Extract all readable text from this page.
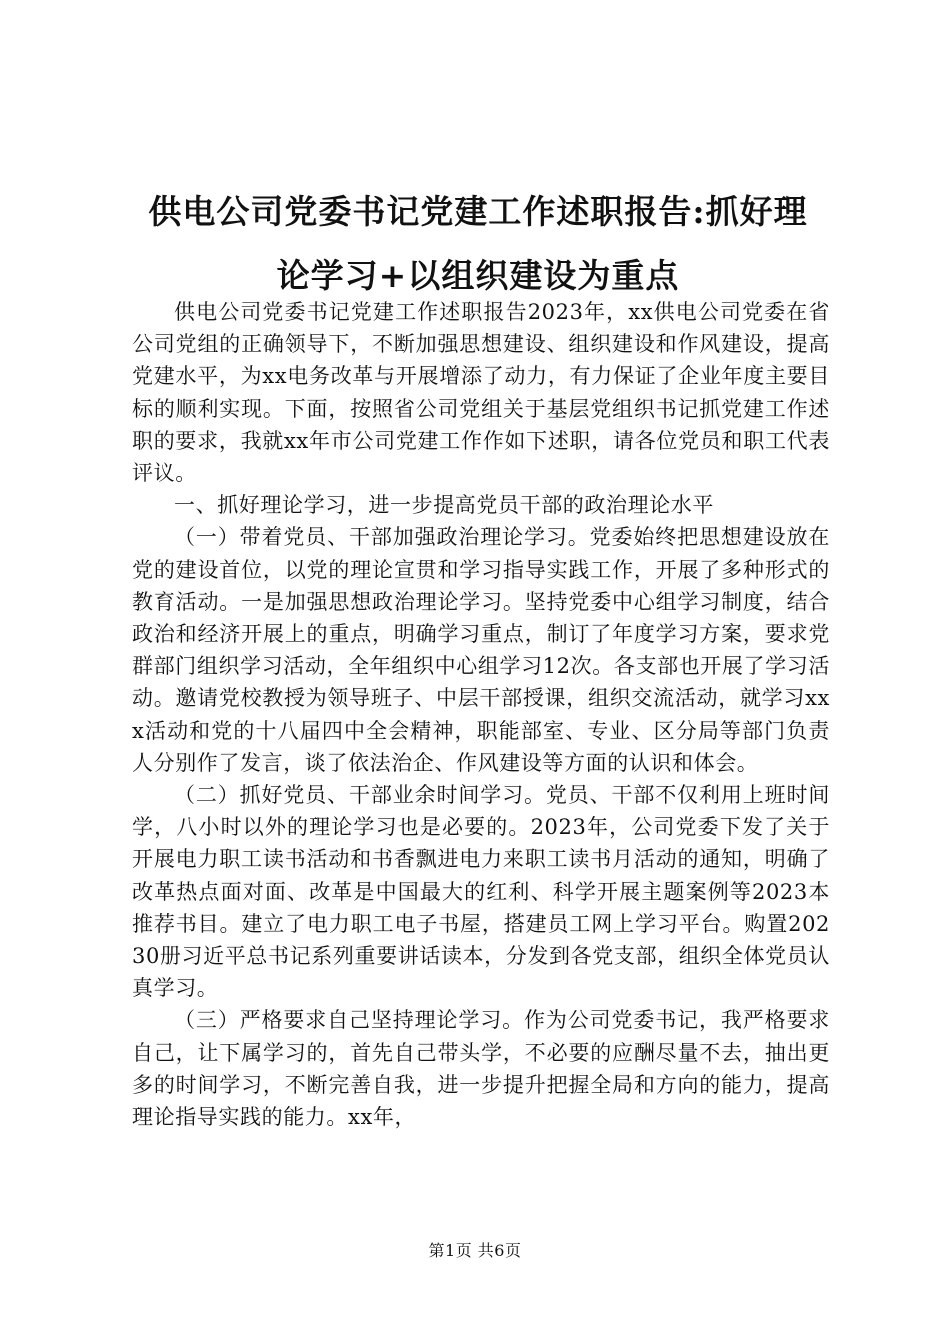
供电公司党委书记党建工作述职报告:抓好理
论学习+以组织建设为重点

供电公司党委书记党建工作述职报告2023年，xx供电公司党委在省公司党组的正确领导下，不断加强思想建设、组织建设和作风建设，提高党建水平，为xx电务改革与开展增添了动力，有力保证了企业年度主要目标的顺利实现。下面，按照省公司党组关于基层党组织书记抓党建工作述职的要求，我就xx年市公司党建工作作如下述职，请各位党员和职工代表评议。

一、抓好理论学习，进一步提高党员干部的政治理论水平

（一）带着党员、干部加强政治理论学习。党委始终把思想建设放在党的建设首位，以党的理论宣贯和学习指导实践工作，开展了多种形式的教育活动。一是加强思想政治理论学习。坚持党委中心组学习制度，结合政治和经济开展上的重点，明确学习重点，制订了年度学习方案，要求党群部门组织学习活动，全年组织中心组学习12次。各支部也开展了学习活动。邀请党校教授为领导班子、中层干部授课，组织交流活动，就学习xxx活动和党的十八届四中全会精神，职能部室、专业、区分局等部门负责人分别作了发言，谈了依法治企、作风建设等方面的认识和体会。

（二）抓好党员、干部业余时间学习。党员、干部不仅利用上班时间学，八小时以外的理论学习也是必要的。2023年，公司党委下发了关于开展电力职工读书活动和书香飘进电力来职工读书月活动的通知，明确了改革热点面对面、改革是中国最大的红利、科学开展主题案例等2023本推荐书目。建立了电力职工电子书屋，搭建员工网上学习平台。购置20230册习近平总书记系列重要讲话读本，分发到各党支部，组织全体党员认真学习。

（三）严格要求自己坚持理论学习。作为公司党委书记，我严格要求自己，让下属学习的，首先自己带头学，不必要的应酬尽量不去，抽出更多的时间学习，不断完善自我，进一步提升把握全局和方向的能力，提高理论指导实践的能力。xx年，

第1页 共6页
